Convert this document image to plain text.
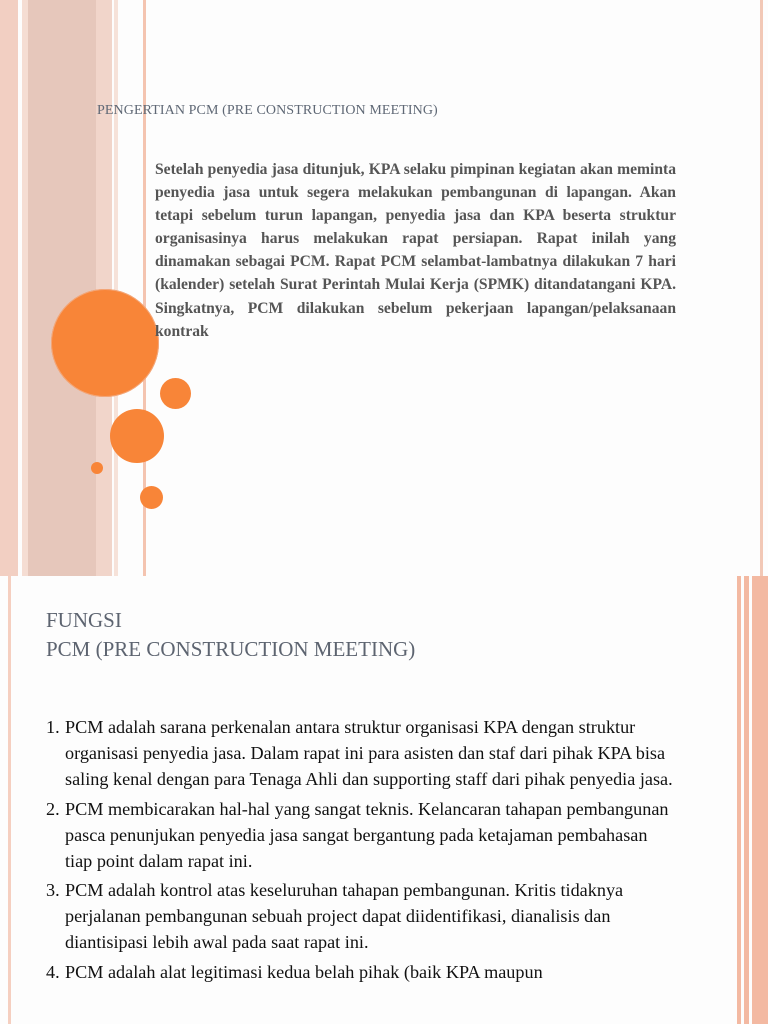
PENGERTIAN PCM (PRE CONSTRUCTION MEETING)
Setelah penyedia jasa ditunjuk, KPA selaku pimpinan kegiatan akan meminta penyedia jasa untuk segera melakukan pembangunan di lapangan. Akan tetapi sebelum turun lapangan, penyedia jasa dan KPA beserta struktur organisasinya harus melakukan rapat persiapan. Rapat inilah yang dinamakan sebagai PCM. Rapat PCM selambat-lambatnya dilakukan 7 hari (kalender) setelah Surat Perintah Mulai Kerja (SPMK) ditandatangani KPA. Singkatnya, PCM dilakukan sebelum pekerjaan lapangan/pelaksanaan kontrak
FUNGSI
PCM (PRE CONSTRUCTION MEETING)
1. PCM adalah sarana perkenalan antara struktur organisasi KPA dengan struktur organisasi penyedia jasa. Dalam rapat ini para asisten dan staf dari pihak KPA bisa saling kenal dengan para Tenaga Ahli dan supporting staff dari pihak penyedia jasa.
2. PCM membicarakan hal-hal yang sangat teknis. Kelancaran tahapan pembangunan pasca penunjukan penyedia jasa sangat bergantung pada ketajaman pembahasan tiap point dalam rapat ini.
3. PCM adalah kontrol atas keseluruhan tahapan pembangunan. Kritis tidaknya perjalanan pembangunan sebuah project dapat diidentifikasi, dianalisis dan diantisipasi lebih awal pada saat rapat ini.
4. PCM adalah alat legitimasi kedua belah pihak (baik KPA maupun
